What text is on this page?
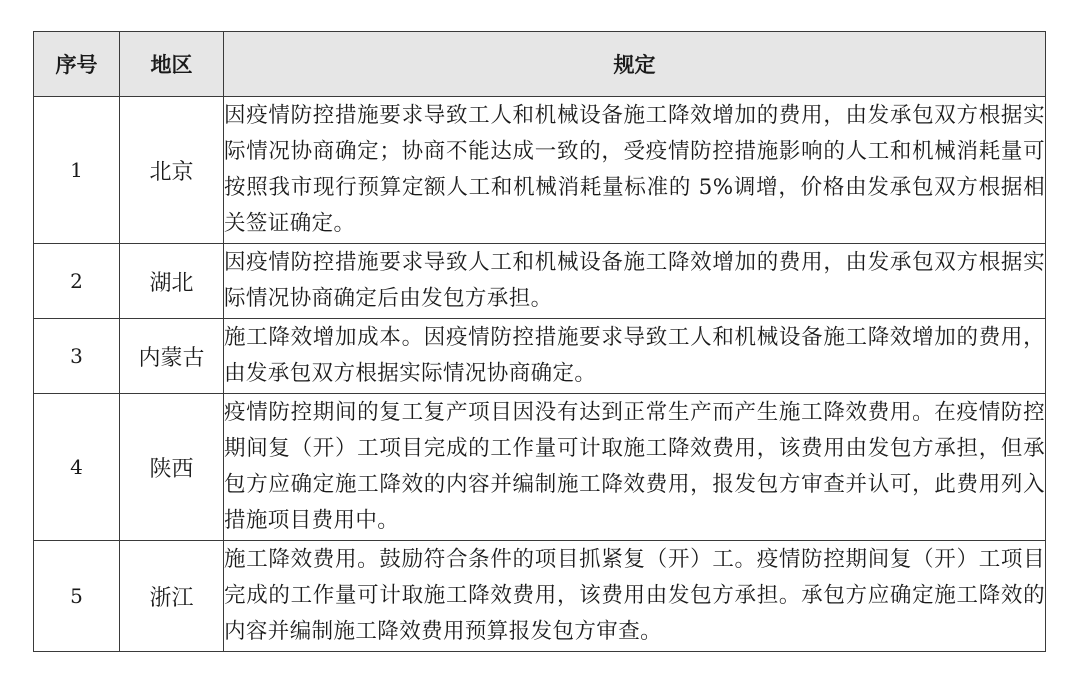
序号	地区	规定
1	北京	因疫情防控措施要求导致工人和机械设备施工降效增加的费用，由发承包双方根据实际情况协商确定；协商不能达成一致的，受疫情防控措施影响的人工和机械消耗量可按照我市现行预算定额人工和机械消耗量标准的 5%调增，价格由发承包双方根据相关签证确定。
2	湖北	因疫情防控措施要求导致人工和机械设备施工降效增加的费用，由发承包双方根据实际情况协商确定后由发包方承担。
3	内蒙古	施工降效增加成本。因疫情防控措施要求导致工人和机械设备施工降效增加的费用，由发承包双方根据实际情况协商确定。
4	陕西	疫情防控期间的复工复产项目因没有达到正常生产而产生施工降效费用。在疫情防控期间复（开）工项目完成的工作量可计取施工降效费用，该费用由发包方承担，但承包方应确定施工降效的内容并编制施工降效费用，报发包方审查并认可，此费用列入措施项目费用中。
5	浙江	施工降效费用。鼓励符合条件的项目抓紧复（开）工。疫情防控期间复（开）工项目完成的工作量可计取施工降效费用，该费用由发包方承担。承包方应确定施工降效的内容并编制施工降效费用预算报发包方审查。
